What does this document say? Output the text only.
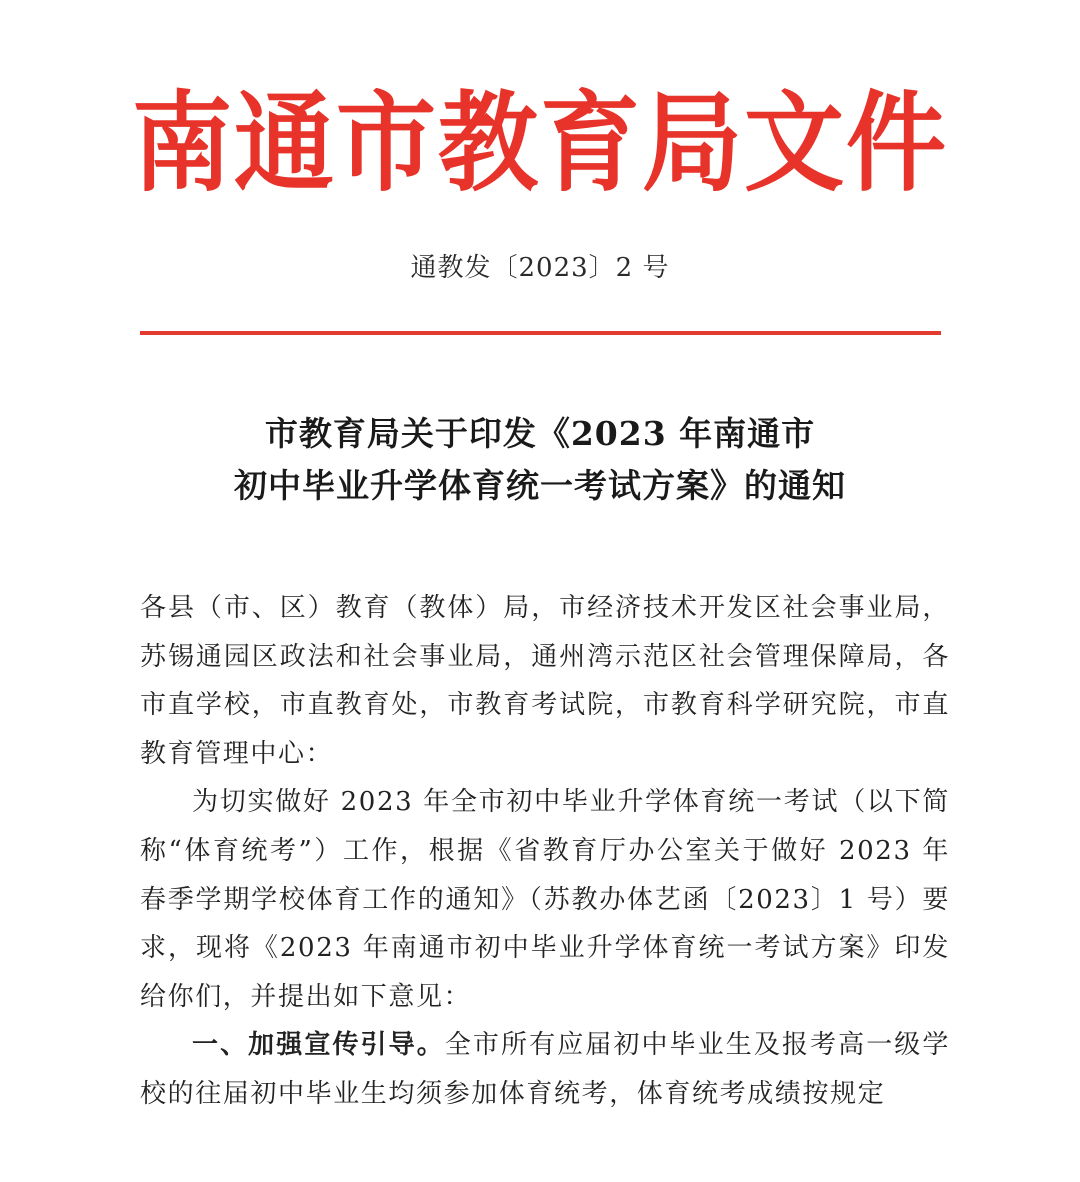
南通市教育局文件
通教发〔2023〕2 号
市教育局关于印发《2023 年南通市
初中毕业升学体育统一考试方案》的通知

各县（市、区）教育（教体）局，市经济技术开发区社会事业局，苏锡通园区政法和社会事业局，通州湾示范区社会管理保障局，各市直学校，市直教育处，市教育考试院，市教育科学研究院，市直教育管理中心：

为切实做好 2023 年全市初中毕业升学体育统一考试（以下简称“体育统考”）工作，根据《省教育厅办公室关于做好 2023 年春季学期学校体育工作的通知》（苏教办体艺函〔2023〕1 号）要求，现将《2023 年南通市初中毕业升学体育统一考试方案》印发给你们，并提出如下意见：

一、加强宣传引导。全市所有应届初中毕业生及报考高一级学校的往届初中毕业生均须参加体育统考，体育统考成绩按规定
